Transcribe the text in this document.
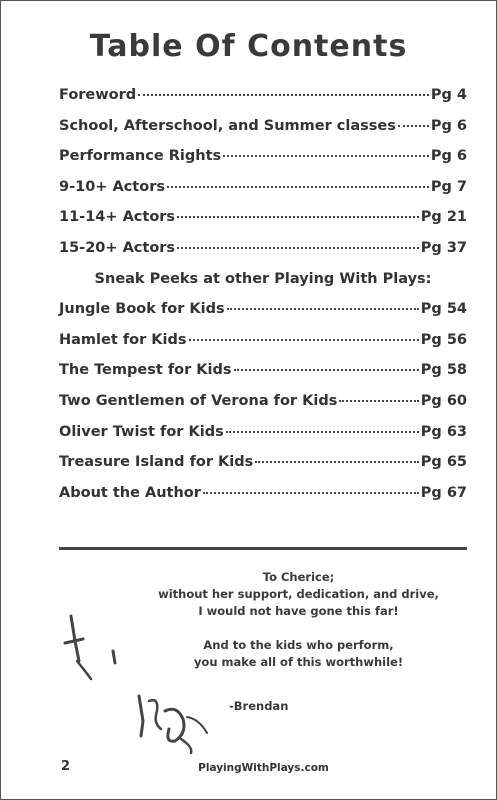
Table Of Contents
Foreword	Pg 4
School, Afterschool, and Summer classes Pg 6
Performance Rights	Pg 6
9-10+ Actors	Pg 7
11-14+ Actors	Pg 21
15-20+ Actors	Pg 37
Sneak Peeks at other Playing With Plays:
Jungle Book for Kids	Pg 54
Hamlet for Kids	Pg 56
The Tempest for Kids	Pg 58
Two Gentlemen of Verona for Kids	Pg 60
Oliver Twist for Kids	Pg 63
Treasure Island for Kids	Pg 65
About the Author	Pg 67
To Cherice;
without her support, dedication, and drive,
I would not have gone this far!
And to the kids who perform,
you make all of this worthwhile!
-Brendan
2	PlayingWithPlays.com
